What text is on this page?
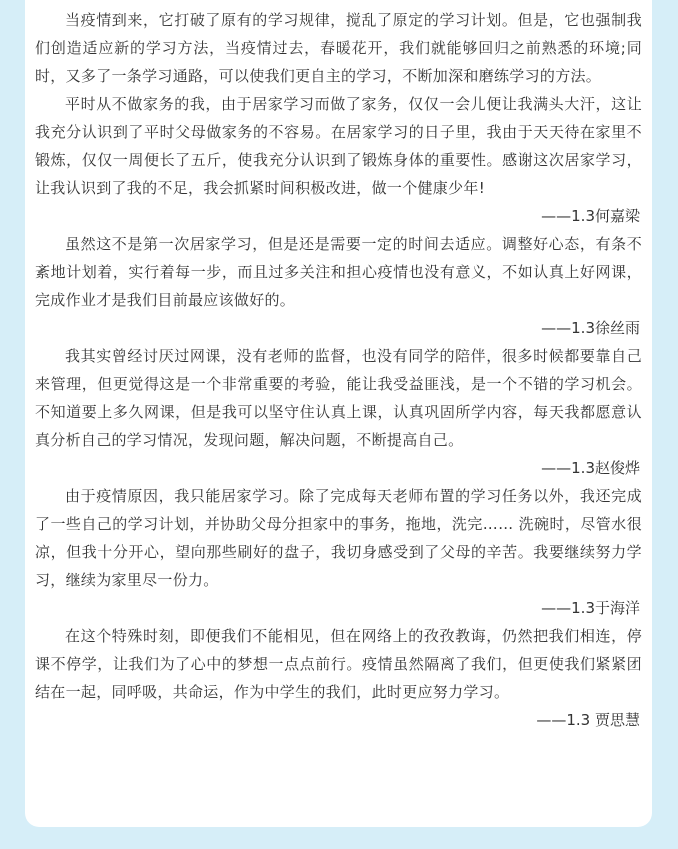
当疫情到来，它打破了原有的学习规律，搅乱了原定的学习计划。但是，它也强制我们创造适应新的学习方法，当疫情过去，春暖花开，我们就能够回归之前熟悉的环境;同时，又多了一条学习通路，可以使我们更自主的学习，不断加深和磨练学习的方法。

平时从不做家务的我，由于居家学习而做了家务，仅仅一会儿便让我满头大汗，这让我充分认识到了平时父母做家务的不容易。在居家学习的日子里，我由于天天待在家里不锻炼，仅仅一周便长了五斤，使我充分认识到了锻炼身体的重要性。感谢这次居家学习，让我认识到了我的不足，我会抓紧时间积极改进，做一个健康少年!

——1.3何嘉梁

虽然这不是第一次居家学习，但是还是需要一定的时间去适应。调整好心态，有条不紊地计划着，实行着每一步，而且过多关注和担心疫情也没有意义，不如认真上好网课，完成作业才是我们目前最应该做好的。

——1.3徐丝雨

我其实曾经讨厌过网课，没有老师的监督，也没有同学的陪伴，很多时候都要靠自己来管理，但更觉得这是一个非常重要的考验，能让我受益匪浅，是一个不错的学习机会。不知道要上多久网课，但是我可以坚守住认真上课，认真巩固所学内容，每天我都愿意认真分析自己的学习情况，发现问题，解决问题，不断提高自己。

——1.3赵俊烨

由于疫情原因，我只能居家学习。除了完成每天老师布置的学习任务以外，我还完成了一些自己的学习计划，并协助父母分担家中的事务，拖地，洗完…… 洗碗时，尽管水很凉，但我十分开心，望向那些刷好的盘子，我切身感受到了父母的辛苦。我要继续努力学习，继续为家里尽一份力。

——1.3于海洋

在这个特殊时刻，即便我们不能相见，但在网络上的孜孜教诲，仍然把我们相连，停课不停学，让我们为了心中的梦想一点点前行。疫情虽然隔离了我们，但更使我们紧紧团结在一起，同呼吸，共命运，作为中学生的我们，此时更应努力学习。

——1.3 贾思慧
